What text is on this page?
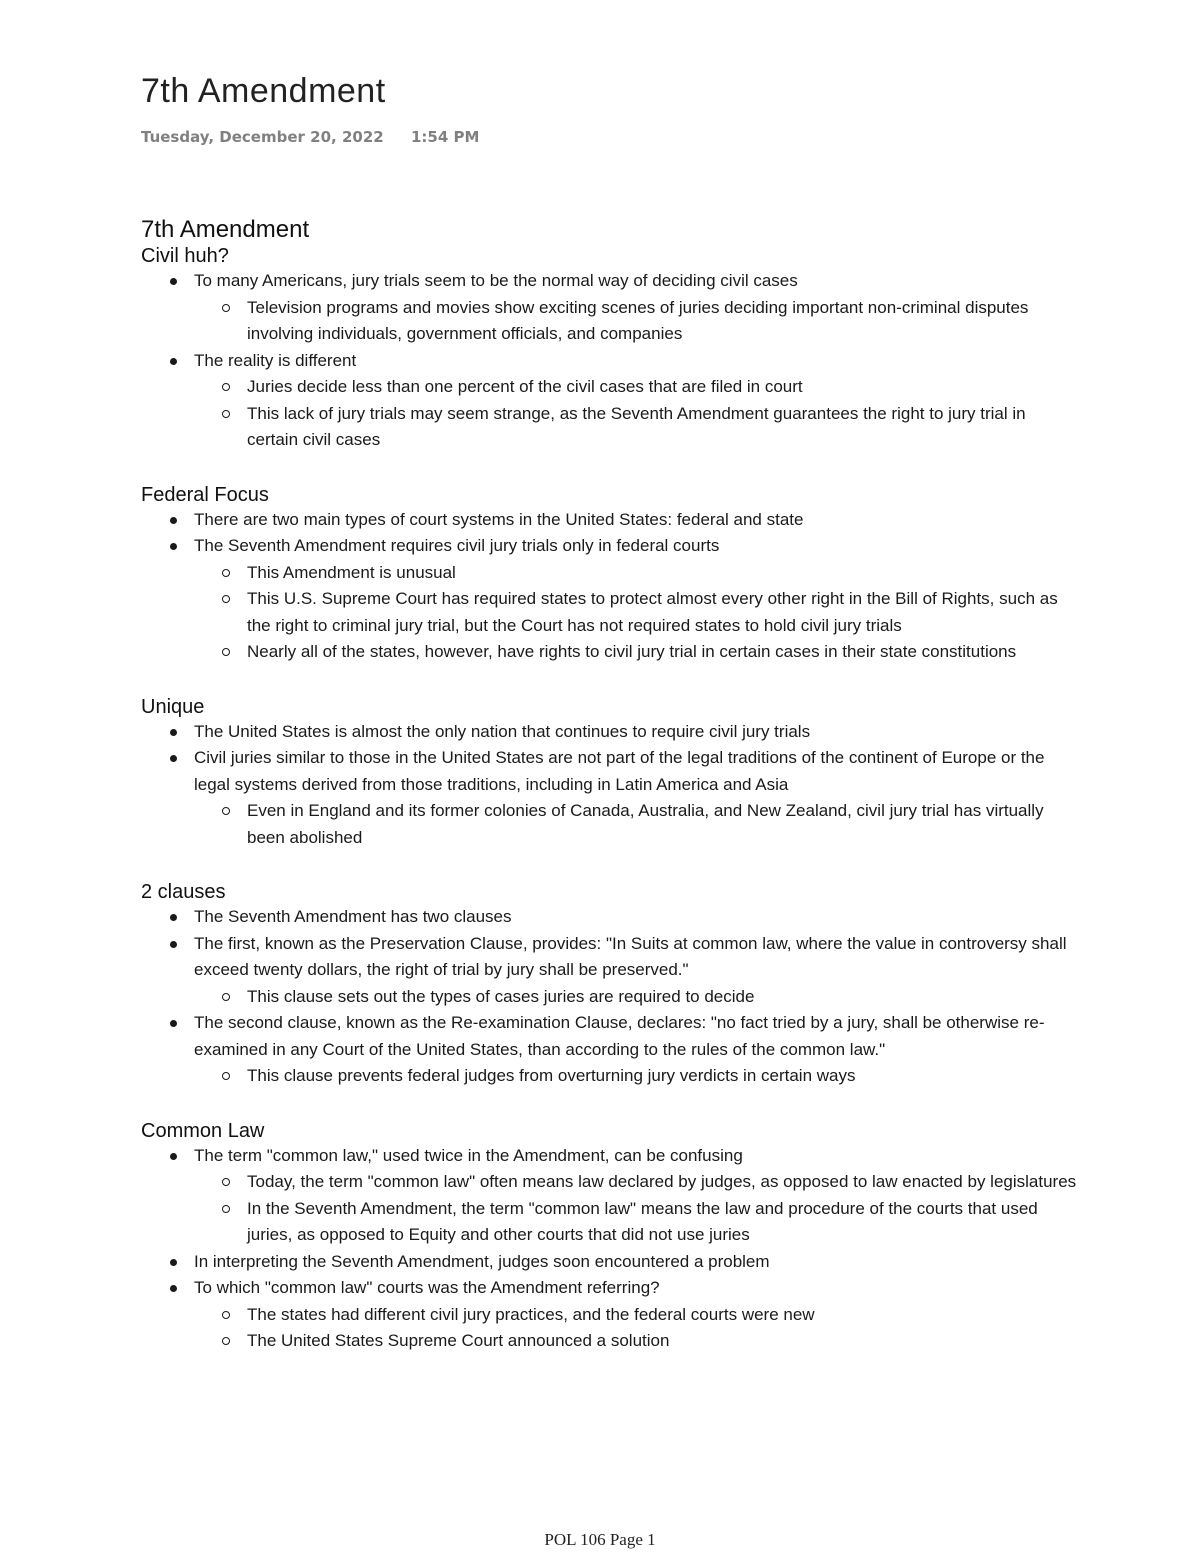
7th Amendment
Tuesday, December 20, 2022 1:54 PM
7th Amendment
Civil huh?
To many Americans, jury trials seem to be the normal way of deciding civil cases
Television programs and movies show exciting scenes of juries deciding important non-criminal disputes involving individuals, government officials, and companies
The reality is different
Juries decide less than one percent of the civil cases that are filed in court
This lack of jury trials may seem strange, as the Seventh Amendment guarantees the right to jury trial in certain civil cases
Federal Focus
There are two main types of court systems in the United States: federal and state
The Seventh Amendment requires civil jury trials only in federal courts
This Amendment is unusual
This U.S. Supreme Court has required states to protect almost every other right in the Bill of Rights, such as the right to criminal jury trial, but the Court has not required states to hold civil jury trials
Nearly all of the states, however, have rights to civil jury trial in certain cases in their state constitutions
Unique
The United States is almost the only nation that continues to require civil jury trials
Civil juries similar to those in the United States are not part of the legal traditions of the continent of Europe or the legal systems derived from those traditions, including in Latin America and Asia
Even in England and its former colonies of Canada, Australia, and New Zealand, civil jury trial has virtually been abolished
2 clauses
The Seventh Amendment has two clauses
The first, known as the Preservation Clause, provides: "In Suits at common law, where the value in controversy shall exceed twenty dollars, the right of trial by jury shall be preserved."
This clause sets out the types of cases juries are required to decide
The second clause, known as the Re-examination Clause, declares: "no fact tried by a jury, shall be otherwise re-examined in any Court of the United States, than according to the rules of the common law."
This clause prevents federal judges from overturning jury verdicts in certain ways
Common Law
The term "common law," used twice in the Amendment, can be confusing
Today, the term "common law" often means law declared by judges, as opposed to law enacted by legislatures
In the Seventh Amendment, the term "common law" means the law and procedure of the courts that used juries, as opposed to Equity and other courts that did not use juries
In interpreting the Seventh Amendment, judges soon encountered a problem
To which "common law" courts was the Amendment referring?
The states had different civil jury practices, and the federal courts were new
The United States Supreme Court announced a solution
POL 106 Page 1
